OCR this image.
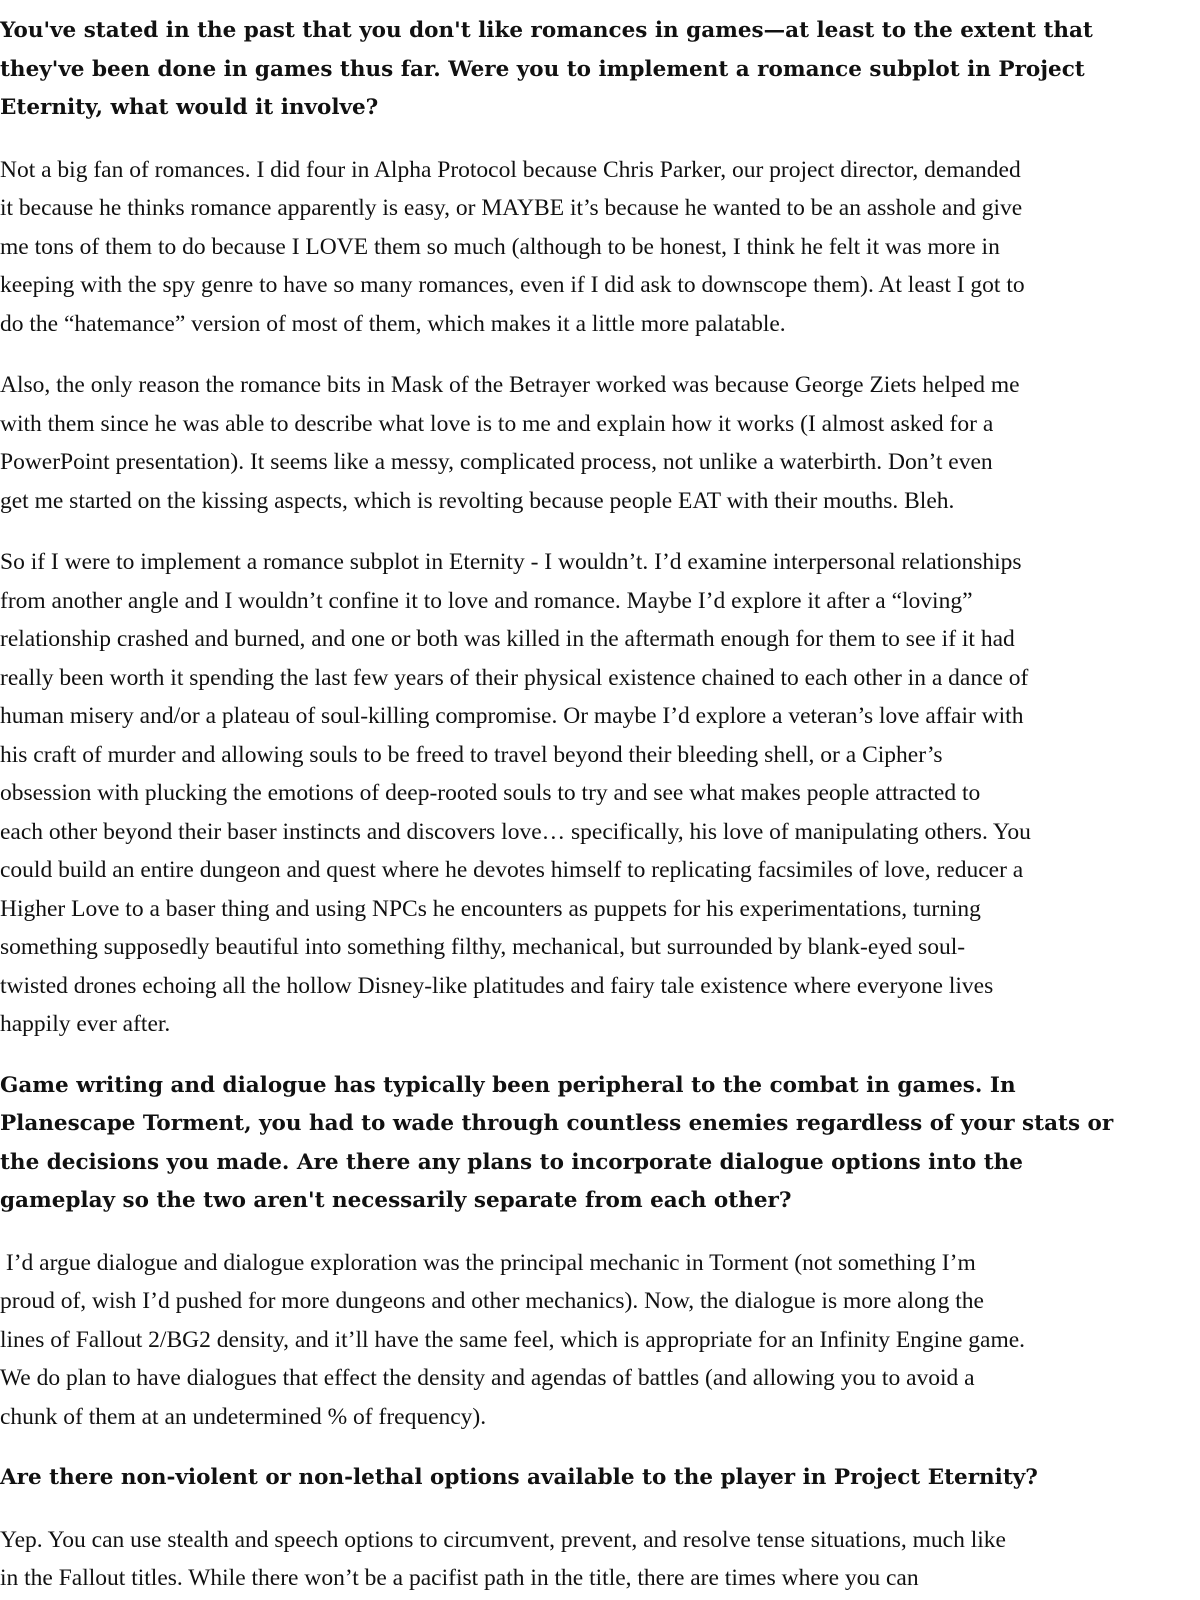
You've stated in the past that you don't like romances in games—at least to the extent that
they've been done in games thus far. Were you to implement a romance subplot in Project
Eternity, what would it involve?
Not a big fan of romances. I did four in Alpha Protocol because Chris Parker, our project director, demanded
it because he thinks romance apparently is easy, or MAYBE it’s because he wanted to be an asshole and give
me tons of them to do because I LOVE them so much (although to be honest, I think he felt it was more in
keeping with the spy genre to have so many romances, even if I did ask to downscope them). At least I got to
do the “hatemance” version of most of them, which makes it a little more palatable.
Also, the only reason the romance bits in Mask of the Betrayer worked was because George Ziets helped me
with them since he was able to describe what love is to me and explain how it works (I almost asked for a
PowerPoint presentation). It seems like a messy, complicated process, not unlike a waterbirth. Don’t even
get me started on the kissing aspects, which is revolting because people EAT with their mouths. Bleh.
So if I were to implement a romance subplot in Eternity - I wouldn’t. I’d examine interpersonal relationships
from another angle and I wouldn’t confine it to love and romance. Maybe I’d explore it after a “loving”
relationship crashed and burned, and one or both was killed in the aftermath enough for them to see if it had
really been worth it spending the last few years of their physical existence chained to each other in a dance of
human misery and/or a plateau of soul-killing compromise. Or maybe I’d explore a veteran’s love affair with
his craft of murder and allowing souls to be freed to travel beyond their bleeding shell, or a Cipher’s
obsession with plucking the emotions of deep-rooted souls to try and see what makes people attracted to
each other beyond their baser instincts and discovers love… specifically, his love of manipulating others. You
could build an entire dungeon and quest where he devotes himself to replicating facsimiles of love, reducer a
Higher Love to a baser thing and using NPCs he encounters as puppets for his experimentations, turning
something supposedly beautiful into something filthy, mechanical, but surrounded by blank-eyed soul-
twisted drones echoing all the hollow Disney-like platitudes and fairy tale existence where everyone lives
happily ever after.
Game writing and dialogue has typically been peripheral to the combat in games. In
Planescape Torment, you had to wade through countless enemies regardless of your stats or
the decisions you made. Are there any plans to incorporate dialogue options into the
gameplay so the two aren't necessarily separate from each other?
I’d argue dialogue and dialogue exploration was the principal mechanic in Torment (not something I’m
proud of, wish I’d pushed for more dungeons and other mechanics). Now, the dialogue is more along the
lines of Fallout 2/BG2 density, and it’ll have the same feel, which is appropriate for an Infinity Engine game.
We do plan to have dialogues that effect the density and agendas of battles (and allowing you to avoid a
chunk of them at an undetermined % of frequency).
Are there non-violent or non-lethal options available to the player in Project Eternity?
Yep. You can use stealth and speech options to circumvent, prevent, and resolve tense situations, much like
in the Fallout titles. While there won’t be a pacifist path in the title, there are times where you can
